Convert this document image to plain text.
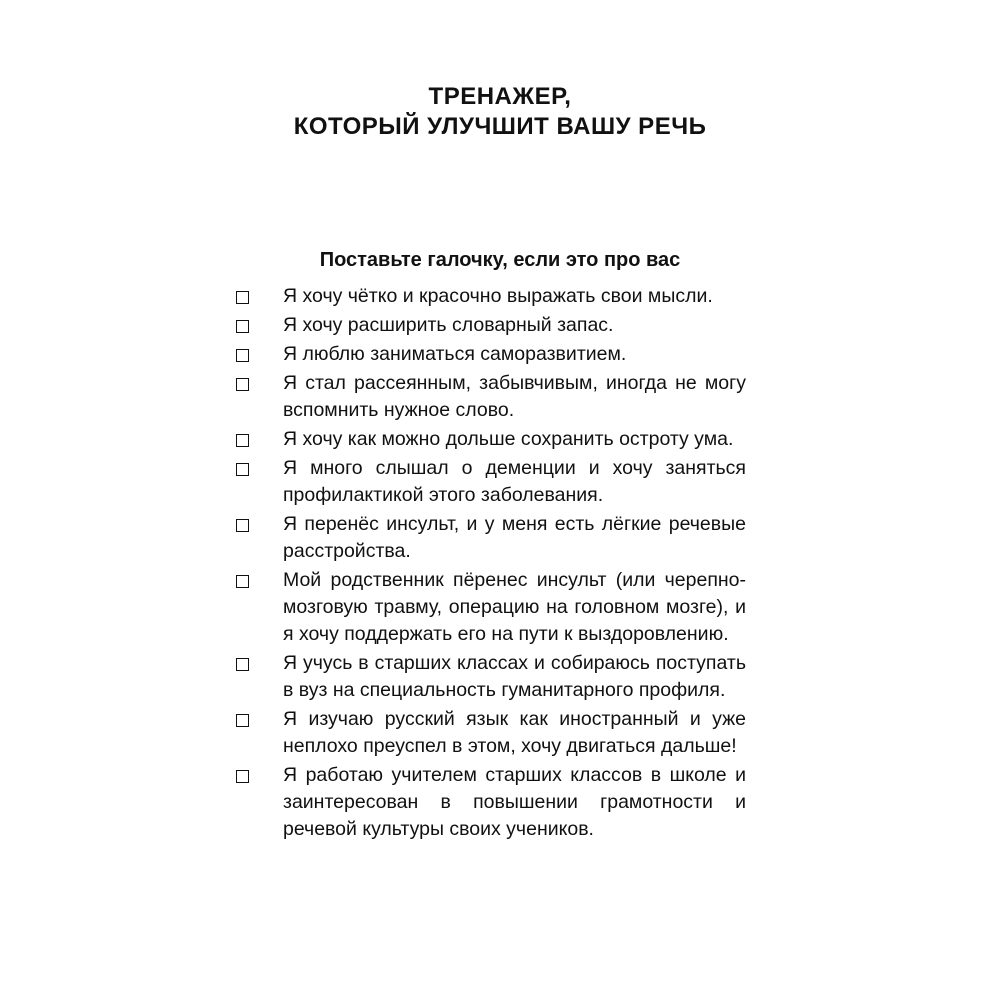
ТРЕНАЖЕР,
КОТОРЫЙ УЛУЧШИТ ВАШУ РЕЧЬ
Поставьте галочку, если это про вас
Я хочу чётко и красочно выражать свои мысли.
Я хочу расширить словарный запас.
Я люблю заниматься саморазвитием.
Я стал рассеянным, забывчивым, иногда не могу вспомнить нужное слово.
Я хочу как можно дольше сохранить остроту ума.
Я много слышал о деменции и хочу заняться профилактикой этого заболевания.
Я перенёс инсульт, и у меня есть лёгкие речевые расстройства.
Мой родственник пёренес инсульт (или черепно-мозговую травму, операцию на головном мозге), и я хочу поддержать его на пути к выздоровлению.
Я учусь в старших классах и собираюсь поступать в вуз на специальность гуманитарного профиля.
Я изучаю русский язык как иностранный и уже неплохо преуспел в этом, хочу двигаться дальше!
Я работаю учителем старших классов в школе и заинтересован в повышении грамотности и речевой культуры своих учеников.
